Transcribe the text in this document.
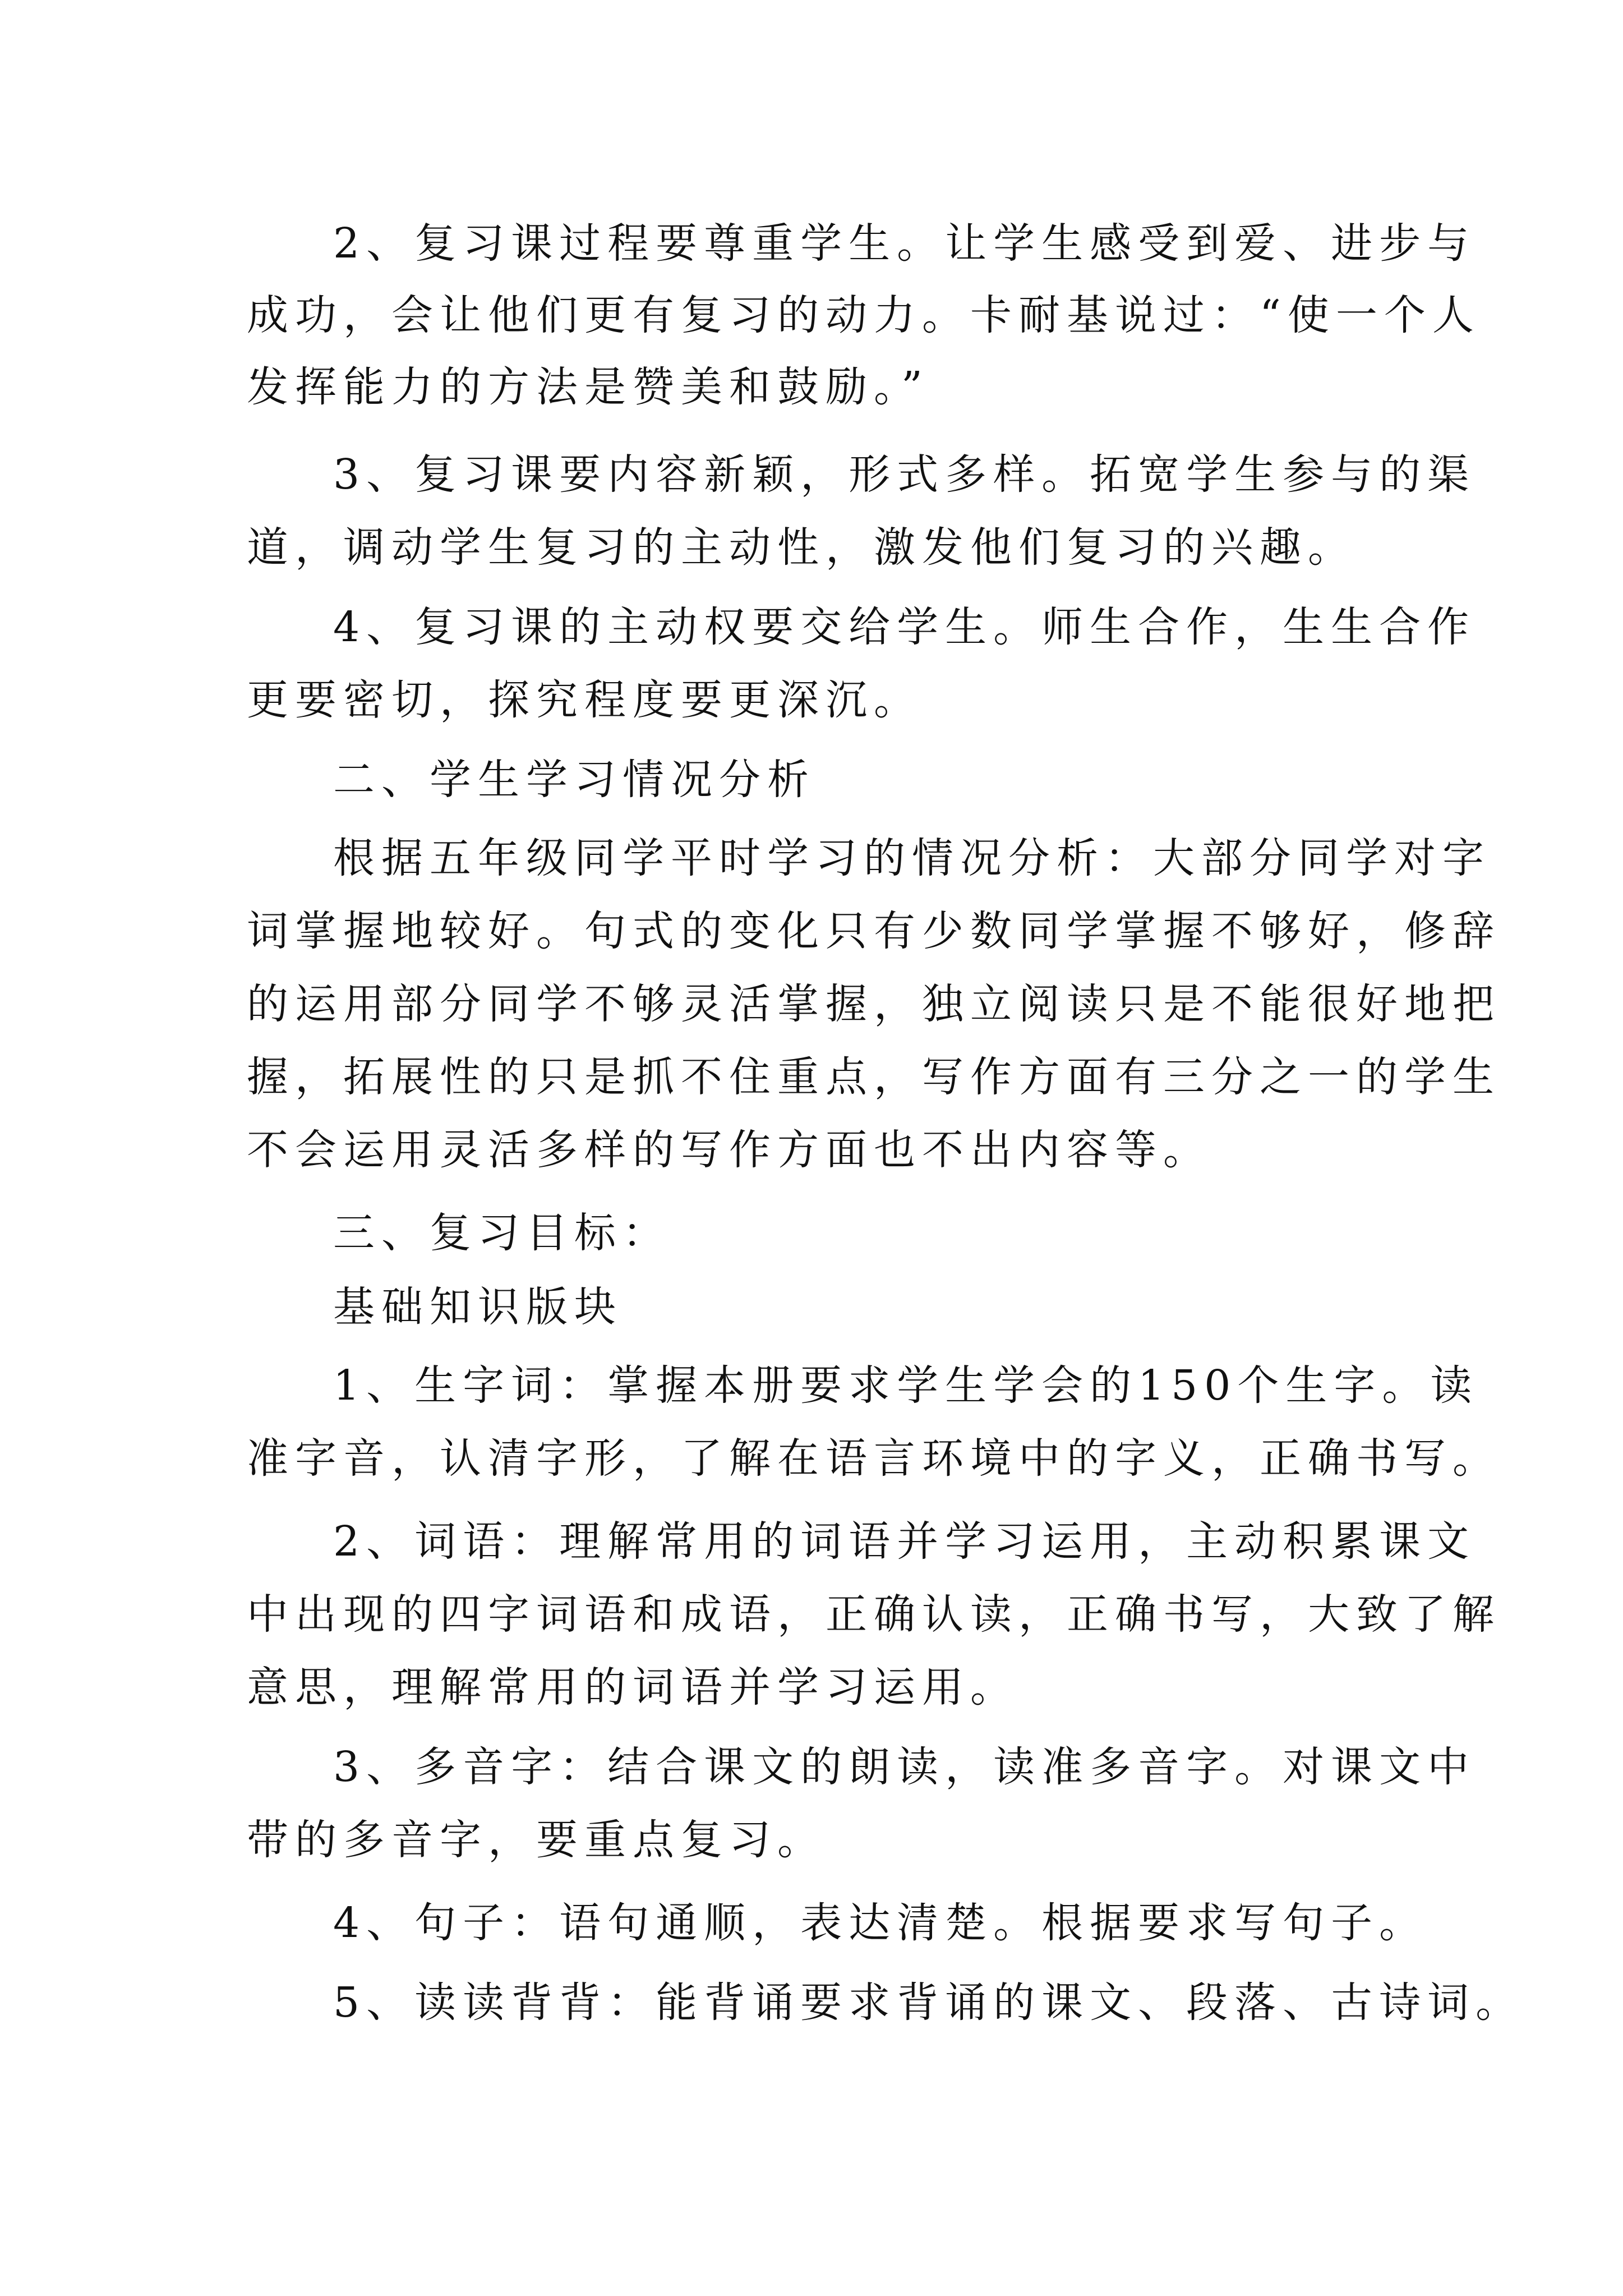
2、复习课过程要尊重学生。让学生感受到爱、进步与

成功，会让他们更有复习的动力。卡耐基说过：“使一个人

发挥能力的方法是赞美和鼓励。”

3、复习课要内容新颖，形式多样。拓宽学生参与的渠

道，调动学生复习的主动性，激发他们复习的兴趣。

4、复习课的主动权要交给学生。师生合作，生生合作

更要密切，探究程度要更深沉。

二、学生学习情况分析

根据五年级同学平时学习的情况分析：大部分同学对字

词掌握地较好。句式的变化只有少数同学掌握不够好，修辞

的运用部分同学不够灵活掌握，独立阅读只是不能很好地把

握，拓展性的只是抓不住重点，写作方面有三分之一的学生

不会运用灵活多样的写作方面也不出内容等。

三、复习目标：

基础知识版块

1、生字词：掌握本册要求学生学会的150个生字。读

准字音，认清字形，了解在语言环境中的字义，正确书写。

2、词语：理解常用的词语并学习运用，主动积累课文

中出现的四字词语和成语，正确认读，正确书写，大致了解

意思，理解常用的词语并学习运用。

3、多音字：结合课文的朗读，读准多音字。对课文中

带的多音字，要重点复习。

4、句子：语句通顺，表达清楚。根据要求写句子。

5、读读背背：能背诵要求背诵的课文、段落、古诗词。
